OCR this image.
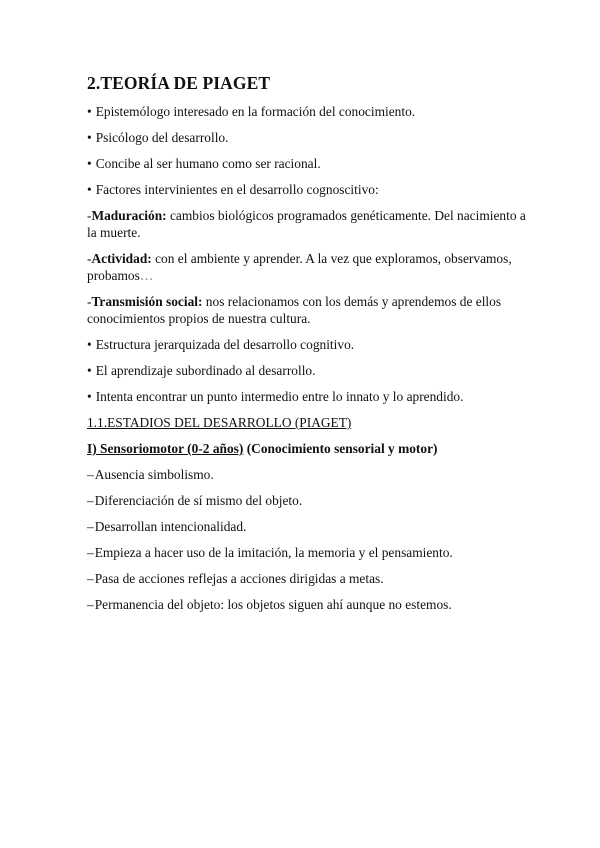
2.TEORÍA DE PIAGET
• Epistemólogo interesado en la formación del conocimiento.
• Psicólogo del desarrollo.
• Concibe al ser humano como ser racional.
• Factores intervinientes en el desarrollo cognoscitivo:
-Maduración: cambios biológicos programados genéticamente. Del nacimiento a la muerte.
-Actividad: con el ambiente y aprender. A la vez que exploramos, observamos, probamos…
-Transmisión social: nos relacionamos con los demás y aprendemos de ellos conocimientos propios de nuestra cultura.
• Estructura jerarquizada del desarrollo cognitivo.
• El aprendizaje subordinado al desarrollo.
• Intenta encontrar un punto intermedio entre lo innato y lo aprendido.
1.1.ESTADIOS DEL DESARROLLO (PIAGET)
I) Sensoriomotor (0-2 años) (Conocimiento sensorial y motor)
–Ausencia simbolismo.
–Diferenciación de sí mismo del objeto.
–Desarrollan intencionalidad.
–Empieza a hacer uso de la imitación, la memoria y el pensamiento.
–Pasa de acciones reflejas a acciones dirigidas a metas.
–Permanencia del objeto: los objetos siguen ahí aunque no estemos.
